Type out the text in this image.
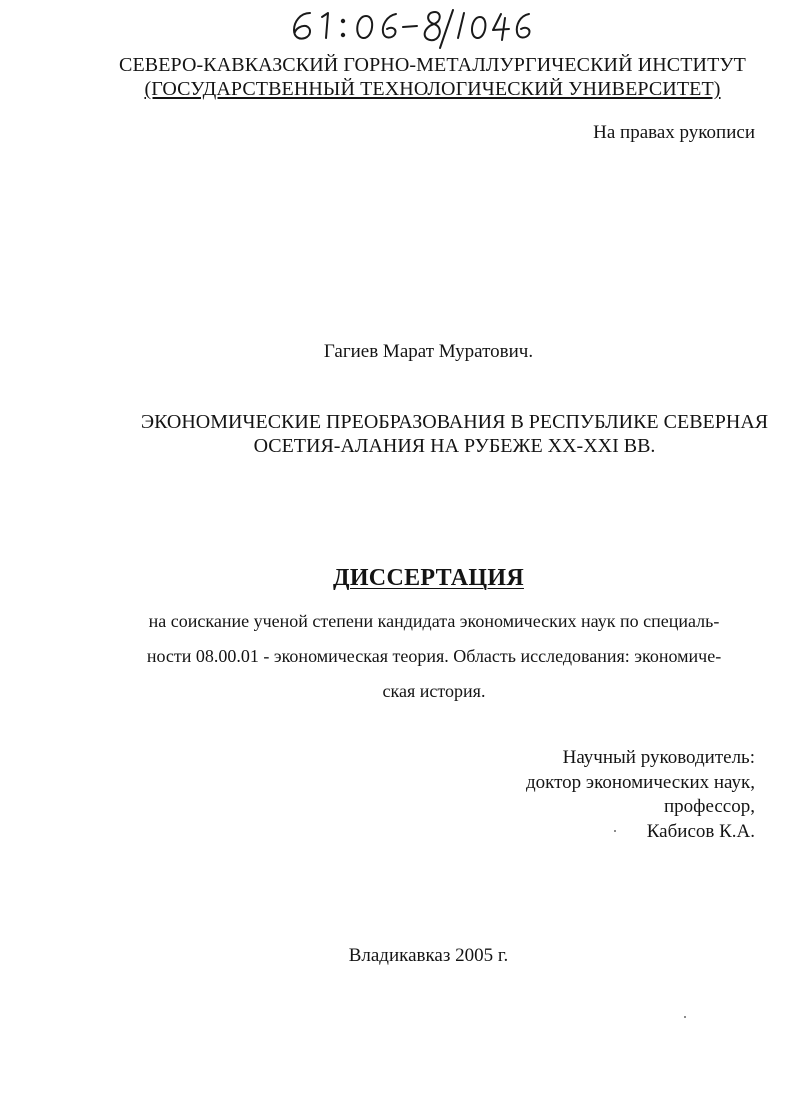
СЕВЕРО-КАВКАЗСКИЙ ГОРНО-МЕТАЛЛУРГИЧЕСКИЙ ИНСТИТУТ
(ГОСУДАРСТВЕННЫЙ ТЕХНОЛОГИЧЕСКИЙ УНИВЕРСИТЕТ)
На правах рукописи
Гагиев Марат Муратович.
ЭКОНОМИЧЕСКИЕ ПРЕОБРАЗОВАНИЯ В РЕСПУБЛИКЕ СЕВЕРНАЯ
ОСЕТИЯ-АЛАНИЯ НА РУБЕЖЕ XX-XXI ВВ.
ДИССЕРТАЦИЯ
на соискание ученой степени кандидата экономических наук по специаль-
ности 08.00.01 - экономическая теория. Область исследования: экономиче-
ская история.
Научный руководитель:
доктор экономических наук,
профессор,
Кабисов К.А.
Владикавказ 2005 г.
